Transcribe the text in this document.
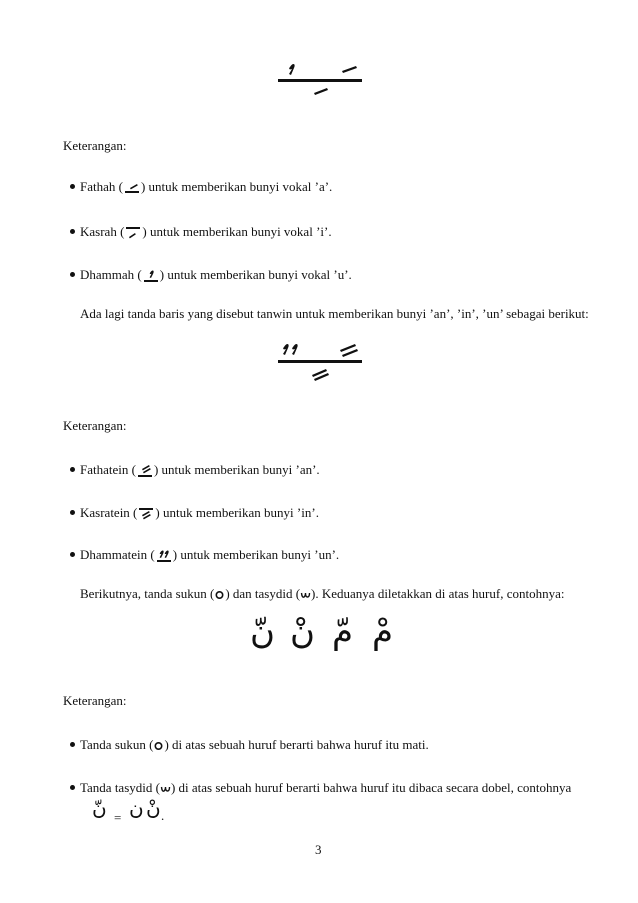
Keterangan:
Fathah ( ) untuk memberikan bunyi vokal ’a’.
Kasrah ( ) untuk memberikan bunyi vokal ’i’.
Dhammah ( ) untuk memberikan bunyi vokal ’u’.
Ada lagi tanda baris yang disebut tanwin untuk memberikan bunyi ’an’, ’in’, ’un’ sebagai berikut:
Keterangan:
Fathatein ( ) untuk memberikan bunyi ’an’.
Kasratein ( ) untuk memberikan bunyi ’in’.
Dhammatein ( ) untuk memberikan bunyi ’un’.
Berikutnya, tanda sukun ( ) dan tasydid ( ). Keduanya diletakkan di atas huruf, contohnya:
نّ نْ مّ مْ
Keterangan:
Tanda sukun ( ) di atas sebuah huruf berarti bahwa huruf itu mati.
Tanda tasydid ( ) di atas sebuah huruf berarti bahwa huruf itu dibaca secara dobel, contohnya
نّ = ن نْ .
3
